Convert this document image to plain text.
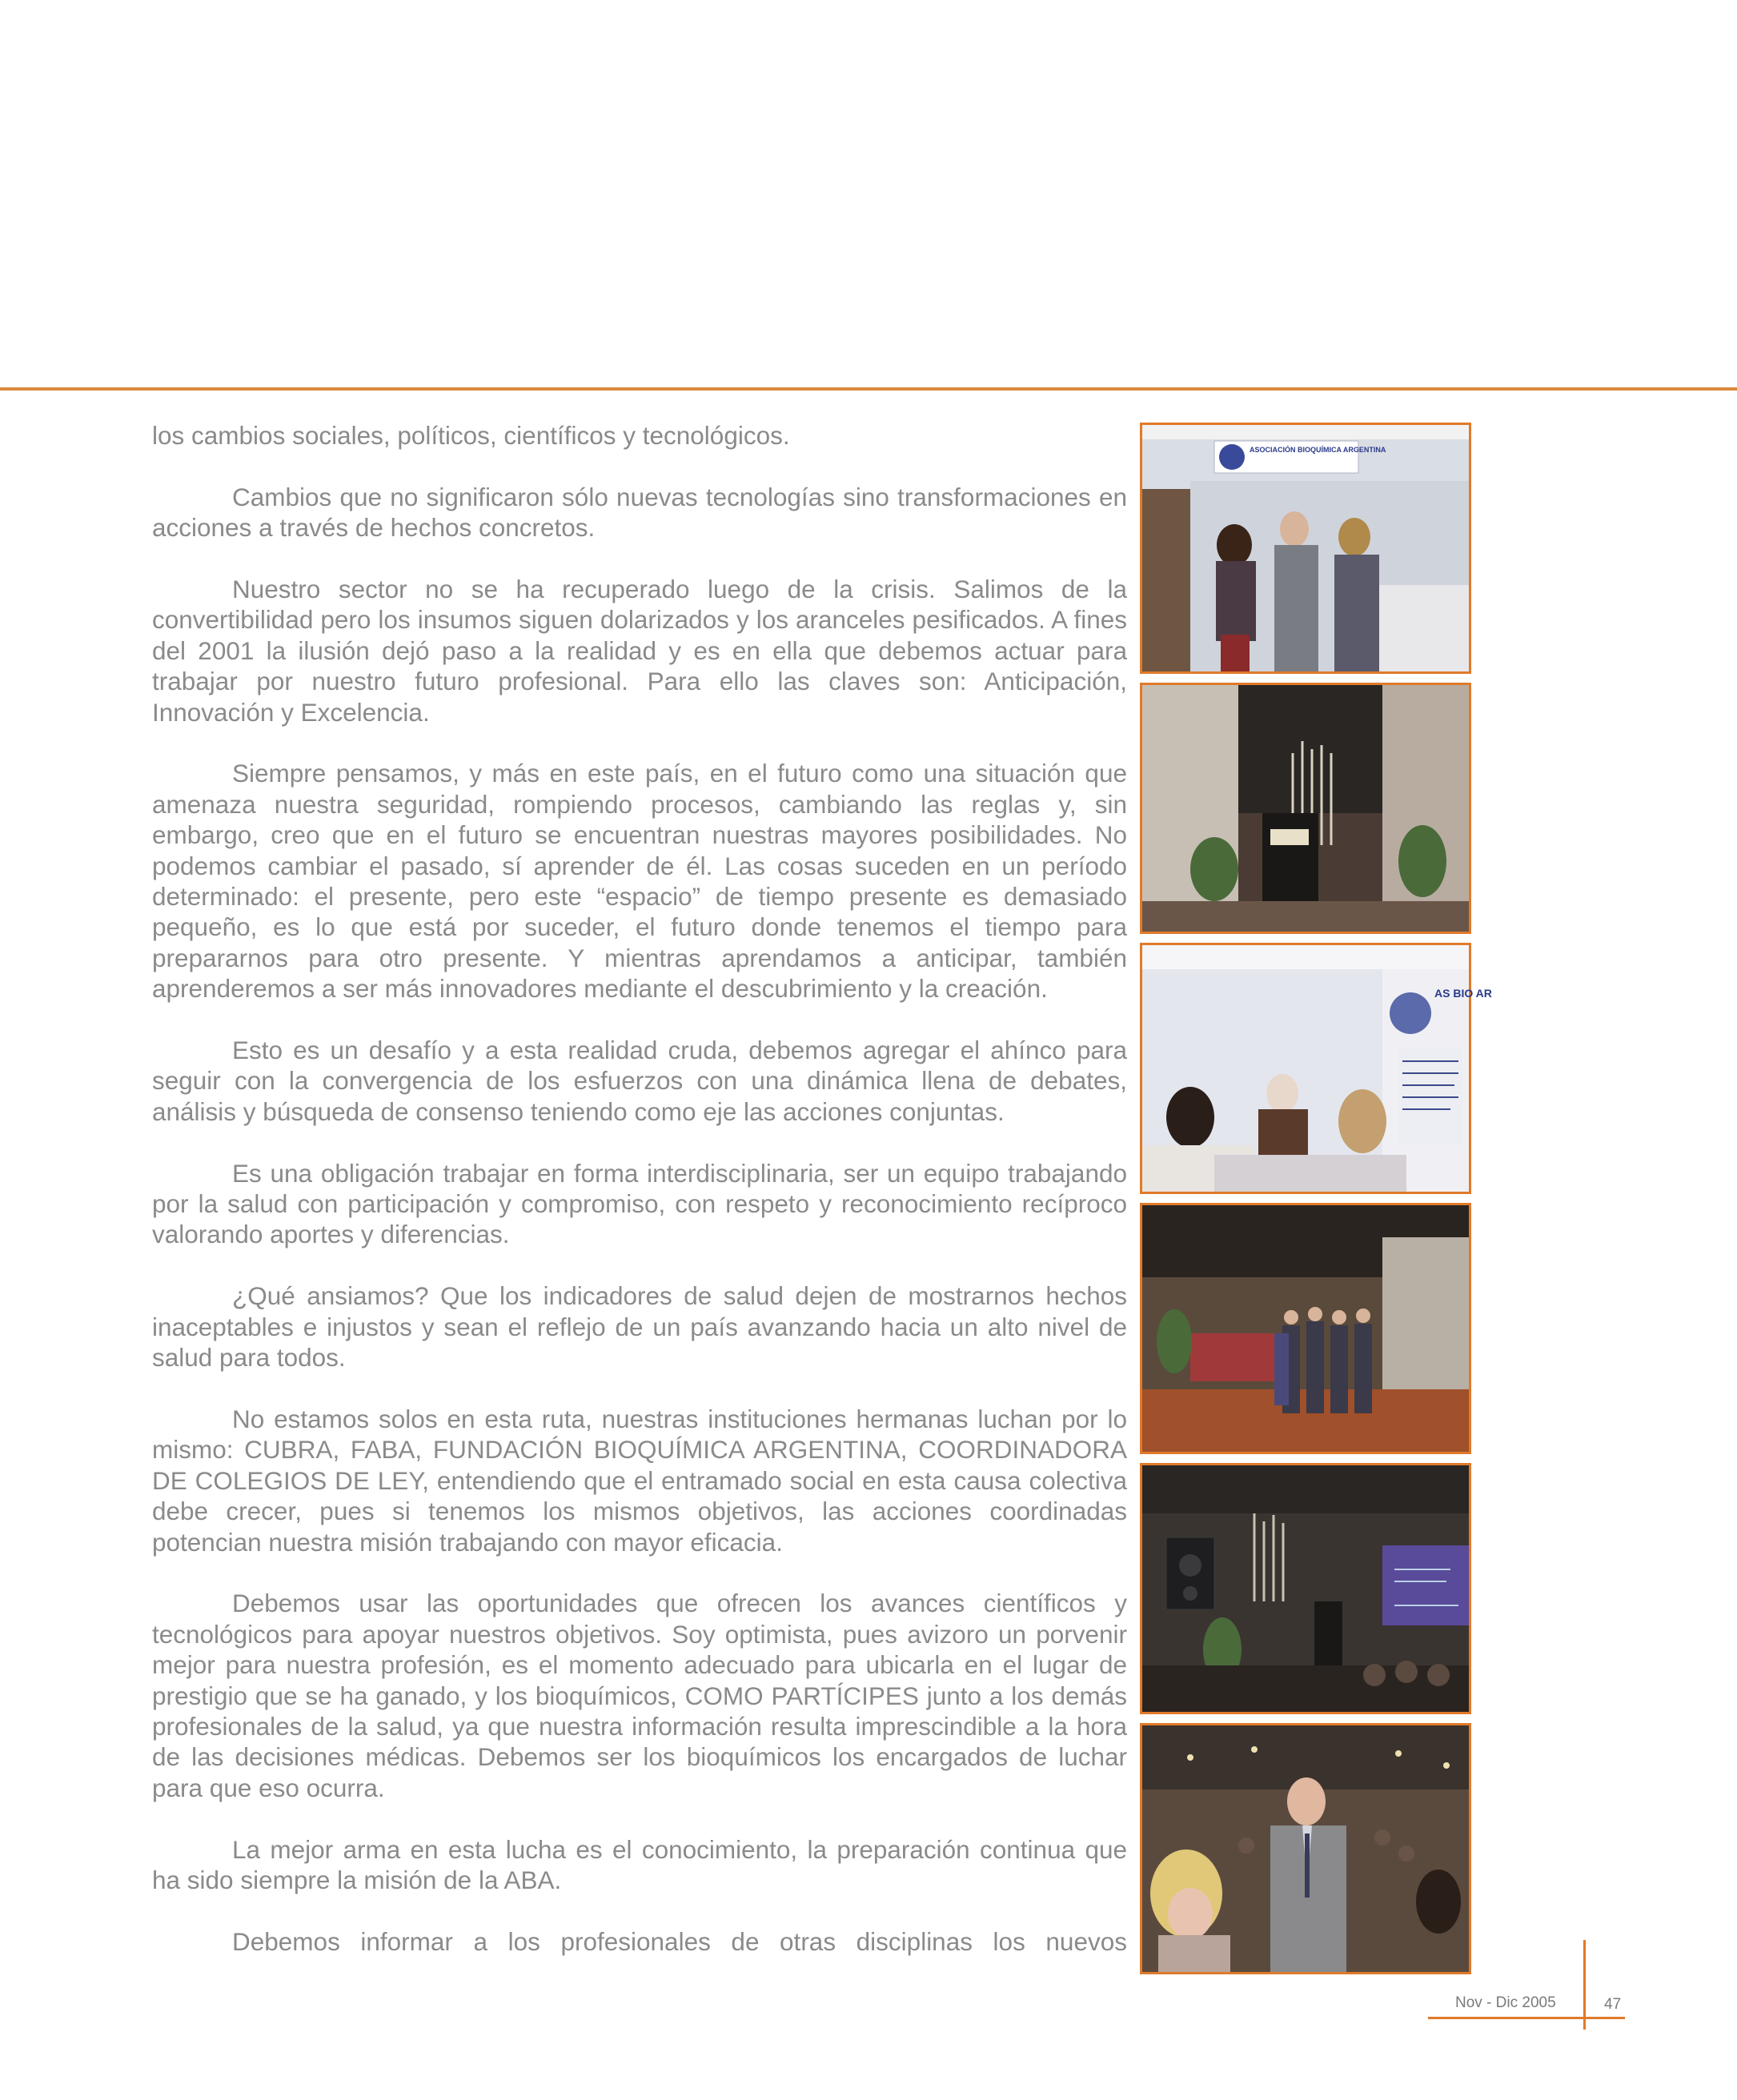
los cambios sociales, políticos, científicos y tecnológicos.

Cambios que no significaron sólo nuevas tecnologías sino transformaciones en acciones a través de hechos concretos.

Nuestro sector no se ha recuperado luego de la crisis. Salimos de la convertibilidad pero los insumos siguen dolarizados y los aranceles pesificados. A fines del 2001 la ilusión dejó paso a la realidad y es en ella que debemos actuar para trabajar por nuestro futuro profesional. Para ello las claves son: Anticipación, Innovación y Excelencia.

Siempre pensamos, y más en este país, en el futuro como una situación que amenaza nuestra seguridad, rompiendo procesos, cambiando las reglas y, sin embargo, creo que en el futuro se encuentran nuestras mayores posibilidades. No podemos cambiar el pasado, sí aprender de él. Las cosas suceden en un período determinado: el presente, pero este “espacio” de tiempo presente es demasiado pequeño, es lo que está por suceder, el futuro donde tenemos el tiempo para prepararnos para otro presente. Y mientras aprendamos a anticipar, también aprenderemos a ser más innovadores mediante el descubrimiento y la creación.

Esto es un desafío y a esta realidad cruda, debemos agregar el ahínco para seguir con la convergencia de los esfuerzos con una dinámica llena de debates, análisis y búsqueda de consenso teniendo como eje las acciones conjuntas.

Es una obligación trabajar en forma interdisciplinaria, ser un equipo trabajando por la salud con participación y compromiso, con respeto y reconocimiento recíproco valorando aportes y diferencias.

¿Qué ansiamos? Que los indicadores de salud dejen de mostrarnos hechos inaceptables e injustos y sean el reflejo de un país avanzando hacia un alto nivel de salud para todos.

No estamos solos en esta ruta, nuestras instituciones hermanas luchan por lo mismo: CUBRA, FABA, FUNDACIÓN BIOQUÍMICA ARGENTINA, COORDINADORA DE COLEGIOS DE LEY, entendiendo que el entramado social en esta causa colectiva debe crecer, pues si tenemos los mismos objetivos, las acciones coordinadas potencian nuestra misión trabajando con mayor eficacia.

Debemos usar las oportunidades que ofrecen los avances científicos y tecnológicos para apoyar nuestros objetivos. Soy optimista, pues avizoro un porvenir mejor para nuestra profesión, es el momento adecuado para ubicarla en el lugar de prestigio que se ha ganado, y los bioquímicos, COMO PARTÍCIPES junto a los demás profesionales de la salud, ya que nuestra información resulta imprescindible a la hora de las decisiones médicas. Debemos ser los bioquímicos los encargados de luchar para que eso ocurra.

La mejor arma en esta lucha es el conocimiento, la preparación continua que ha sido siempre la misión de la ABA.

Debemos informar a los profesionales de otras disciplinas los nuevos

ASOCIACIÓN BIOQUÍMICA ARGENTINA
AS BIO AR
Nov - Dic 2005	47
